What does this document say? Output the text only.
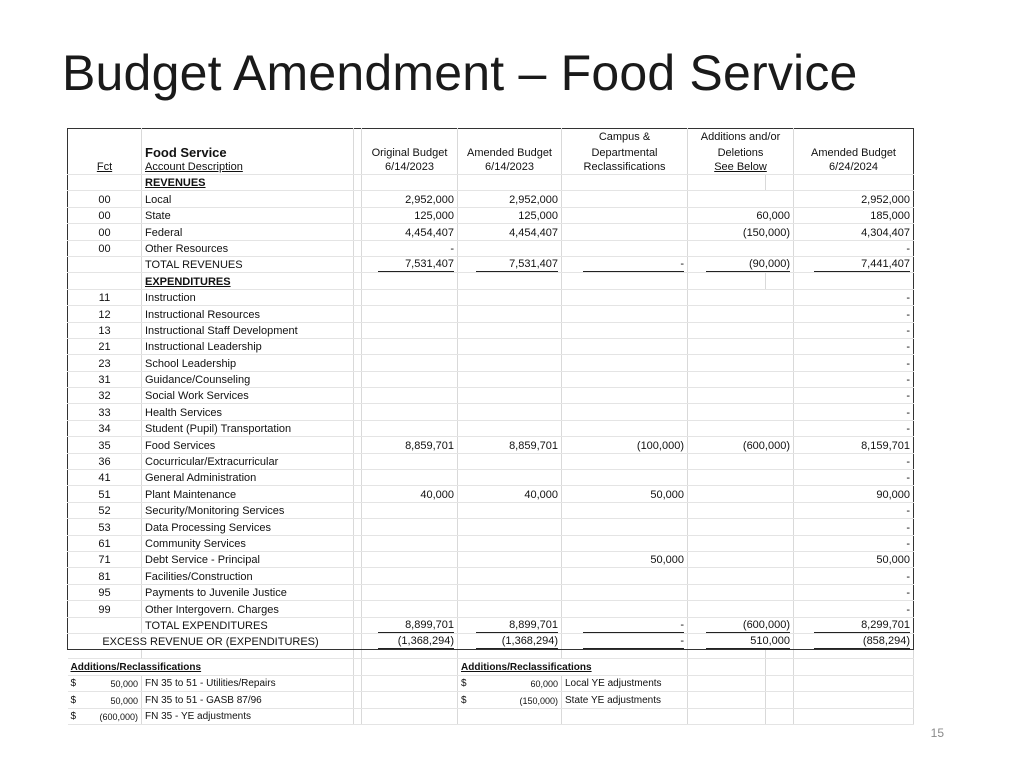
Budget Amendment – Food Service
					Campus &	Additions and/or		
	Food Service		Original Budget	Amended Budget	Departmental	Deletions		Amended Budget
Fct	Account Description		6/14/2023	6/14/2023	Reclassifications	See Below		6/24/2024
	REVENUES							
00	Local		2,952,000	2,952,000				2,952,000
00	State		125,000	125,000		60,000		185,000
00	Federal		4,454,407	4,454,407		(150,000)		4,304,407
00	Other Resources		-					-
	TOTAL REVENUES		7,531,407	7,531,407	-	(90,000)		7,441,407
	EXPENDITURES							
11	Instruction							-
12	Instructional Resources							-
13	Instructional Staff Development							-
21	Instructional Leadership							-
23	School Leadership							-
31	Guidance/Counseling							-
32	Social Work Services							-
33	Health Services							-
34	Student (Pupil) Transportation							-
35	Food Services		8,859,701	8,859,701	(100,000)	(600,000)		8,159,701
36	Cocurricular/Extracurricular							-
41	General Administration							-
51	Plant Maintenance		40,000	40,000	50,000			90,000
52	Security/Monitoring Services							-
53	Data Processing Services							-
61	Community Services							-
71	Debt Service - Principal				50,000			50,000
81	Facilities/Construction							-
95	Payments to Juvenile Justice							-
99	Other Intergovern. Charges							-
	TOTAL EXPENDITURES		8,899,701	8,899,701	-	(600,000)		8,299,701
EXCESS REVENUE OR (EXPENDITURES)			(1,368,294)	(1,368,294)	-	510,000		(858,294)

Additions/Reclassifications				Additions/Reclassifications				

$ 50,000	FN 35 to 51 - Utilities/Repairs			$ 60,000	Local YE adjustments			

$ 50,000	FN 35 to 51 - GASB 87/96			$ (150,000)	State YE adjustments			

$ (600,000)	FN 35 - YE adjustments							
15
